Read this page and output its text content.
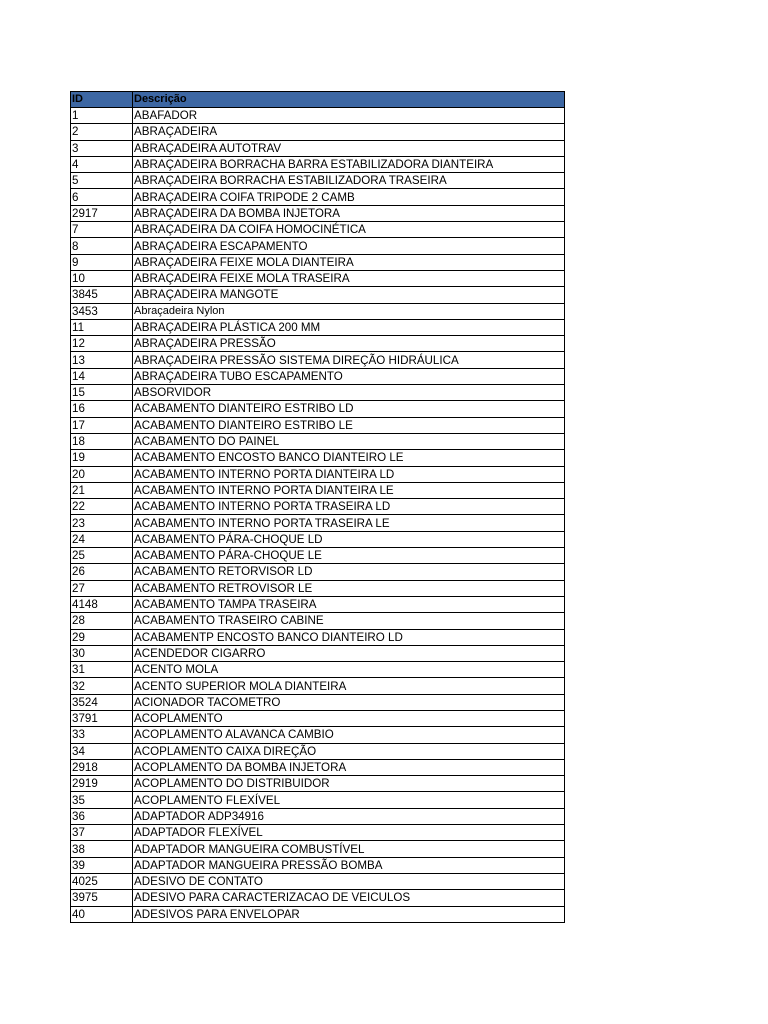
ID	Descrição
1	ABAFADOR
2	ABRAÇADEIRA
3	ABRAÇADEIRA AUTOTRAV
4	ABRAÇADEIRA BORRACHA BARRA ESTABILIZADORA DIANTEIRA
5	ABRAÇADEIRA BORRACHA ESTABILIZADORA TRASEIRA
6	ABRAÇADEIRA COIFA TRIPODE 2 CAMB
2917	ABRAÇADEIRA DA BOMBA INJETORA
7	ABRAÇADEIRA DA COIFA HOMOCINÉTICA
8	ABRAÇADEIRA ESCAPAMENTO
9	ABRAÇADEIRA FEIXE MOLA DIANTEIRA
10	ABRAÇADEIRA FEIXE MOLA TRASEIRA
3845	ABRAÇADEIRA MANGOTE
3453	Abraçadeira Nylon
11	ABRAÇADEIRA PLÁSTICA 200 MM
12	ABRAÇADEIRA PRESSÃO
13	ABRAÇADEIRA PRESSÃO SISTEMA DIREÇÃO HIDRÁULICA
14	ABRAÇADEIRA TUBO ESCAPAMENTO
15	ABSORVIDOR
16	ACABAMENTO DIANTEIRO ESTRIBO LD
17	ACABAMENTO DIANTEIRO ESTRIBO LE
18	ACABAMENTO DO PAINEL
19	ACABAMENTO ENCOSTO BANCO DIANTEIRO LE
20	ACABAMENTO INTERNO PORTA DIANTEIRA LD
21	ACABAMENTO INTERNO PORTA DIANTEIRA LE
22	ACABAMENTO INTERNO PORTA TRASEIRA LD
23	ACABAMENTO INTERNO PORTA TRASEIRA LE
24	ACABAMENTO PÁRA-CHOQUE LD
25	ACABAMENTO PÁRA-CHOQUE LE
26	ACABAMENTO RETORVISOR LD
27	ACABAMENTO RETROVISOR LE
4148	ACABAMENTO TAMPA TRASEIRA
28	ACABAMENTO TRASEIRO CABINE
29	ACABAMENTP ENCOSTO BANCO DIANTEIRO LD
30	ACENDEDOR CIGARRO
31	ACENTO MOLA
32	ACENTO SUPERIOR MOLA DIANTEIRA
3524	ACIONADOR TACOMETRO
3791	ACOPLAMENTO
33	ACOPLAMENTO ALAVANCA CAMBIO
34	ACOPLAMENTO CAIXA DIREÇÃO
2918	ACOPLAMENTO DA BOMBA INJETORA
2919	ACOPLAMENTO DO DISTRIBUIDOR
35	ACOPLAMENTO FLEXÍVEL
36	ADAPTADOR ADP34916
37	ADAPTADOR FLEXÍVEL
38	ADAPTADOR MANGUEIRA COMBUSTÍVEL
39	ADAPTADOR MANGUEIRA PRESSÃO BOMBA
4025	ADESIVO DE CONTATO
3975	ADESIVO PARA CARACTERIZACAO DE VEICULOS
40	ADESIVOS PARA ENVELOPAR
